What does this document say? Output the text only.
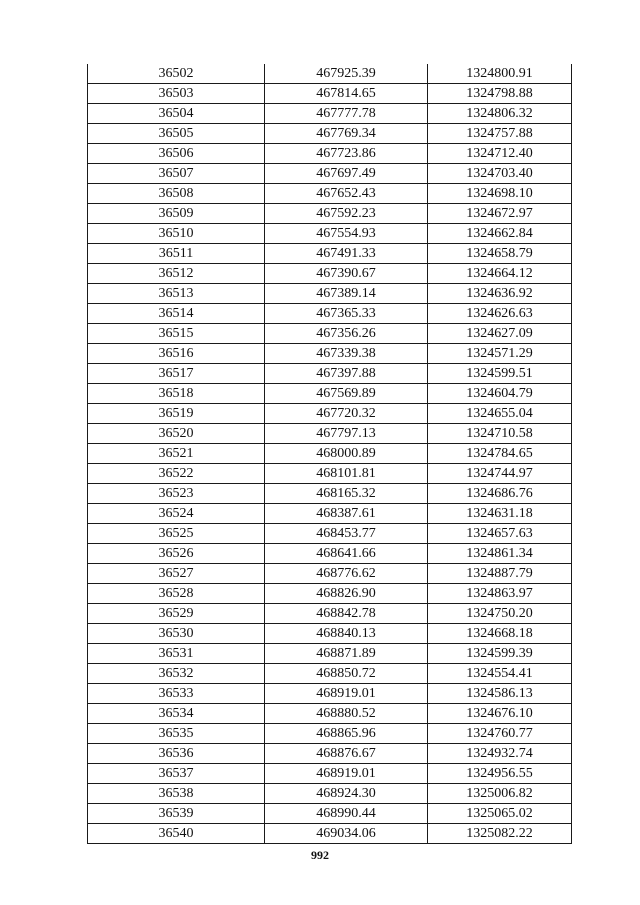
36502	467925.39	1324800.91
36503	467814.65	1324798.88
36504	467777.78	1324806.32
36505	467769.34	1324757.88
36506	467723.86	1324712.40
36507	467697.49	1324703.40
36508	467652.43	1324698.10
36509	467592.23	1324672.97
36510	467554.93	1324662.84
36511	467491.33	1324658.79
36512	467390.67	1324664.12
36513	467389.14	1324636.92
36514	467365.33	1324626.63
36515	467356.26	1324627.09
36516	467339.38	1324571.29
36517	467397.88	1324599.51
36518	467569.89	1324604.79
36519	467720.32	1324655.04
36520	467797.13	1324710.58
36521	468000.89	1324784.65
36522	468101.81	1324744.97
36523	468165.32	1324686.76
36524	468387.61	1324631.18
36525	468453.77	1324657.63
36526	468641.66	1324861.34
36527	468776.62	1324887.79
36528	468826.90	1324863.97
36529	468842.78	1324750.20
36530	468840.13	1324668.18
36531	468871.89	1324599.39
36532	468850.72	1324554.41
36533	468919.01	1324586.13
36534	468880.52	1324676.10
36535	468865.96	1324760.77
36536	468876.67	1324932.74
36537	468919.01	1324956.55
36538	468924.30	1325006.82
36539	468990.44	1325065.02
36540	469034.06	1325082.22
992
